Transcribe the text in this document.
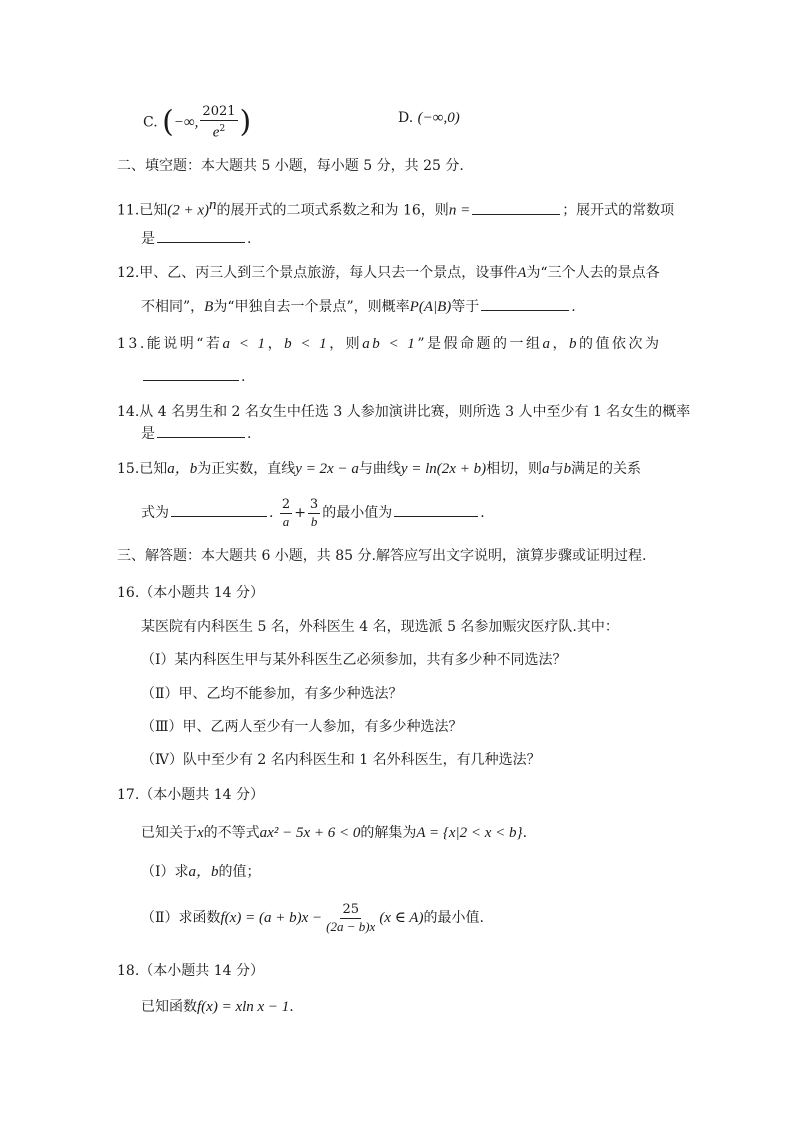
C. (−∞, $\frac{2021}{e^2}$ )	D. (−∞,0)
二、填空题：本大题共 5 小题，每小题 5 分，共 25 分.
11.已知$(2 + x)^n$的展开式的二项式系数之和为 16，则n =	；展开式的常数项
是	.
12.甲、乙、丙三人到三个景点旅游，每人只去一个景点，设事件A为“三个人去的景点各
不相同”，B为“甲独自去一个景点”，则概率P(A|B)等于	.
13.能说明“若a < 1，b < 1，则ab < 1”是假命题的一组a，b的值依次为
.
14.从 4 名男生和 2 名女生中任选 3 人参加演讲比赛，则所选 3 人中至少有 1 名女生的概率
是	.
15.已知a，b为正实数，直线y = 2x − a与曲线y = ln(2x + b)相切，则a与b满足的关系
式为	. $\frac{2}{a} + \frac{3}{b}$ 的最小值为	.
三、解答题：本大题共 6 小题，共 85 分.解答应写出文字说明，演算步骤或证明过程.
16.（本小题共 14 分）
某医院有内科医生 5 名，外科医生 4 名，现选派 5 名参加赈灾医疗队.其中：
（Ⅰ）某内科医生甲与某外科医生乙必须参加，共有多少种不同选法？
（Ⅱ）甲、乙均不能参加，有多少种选法？
（Ⅲ）甲、乙两人至少有一人参加，有多少种选法？
（Ⅳ）队中至少有 2 名内科医生和 1 名外科医生，有几种选法？
17.（本小题共 14 分）
已知关于x的不等式ax² − 5x + 6 < 0的解集为A = {x|2 < x < b}.
（Ⅰ）求a，b的值；
（Ⅱ）求函数$f(x) = (a + b)x - \frac{25}{(2a - b)x} (x$ ∈ A)的最小值.
18.（本小题共 14 分）
已知函数f(x) = xln x − 1.
